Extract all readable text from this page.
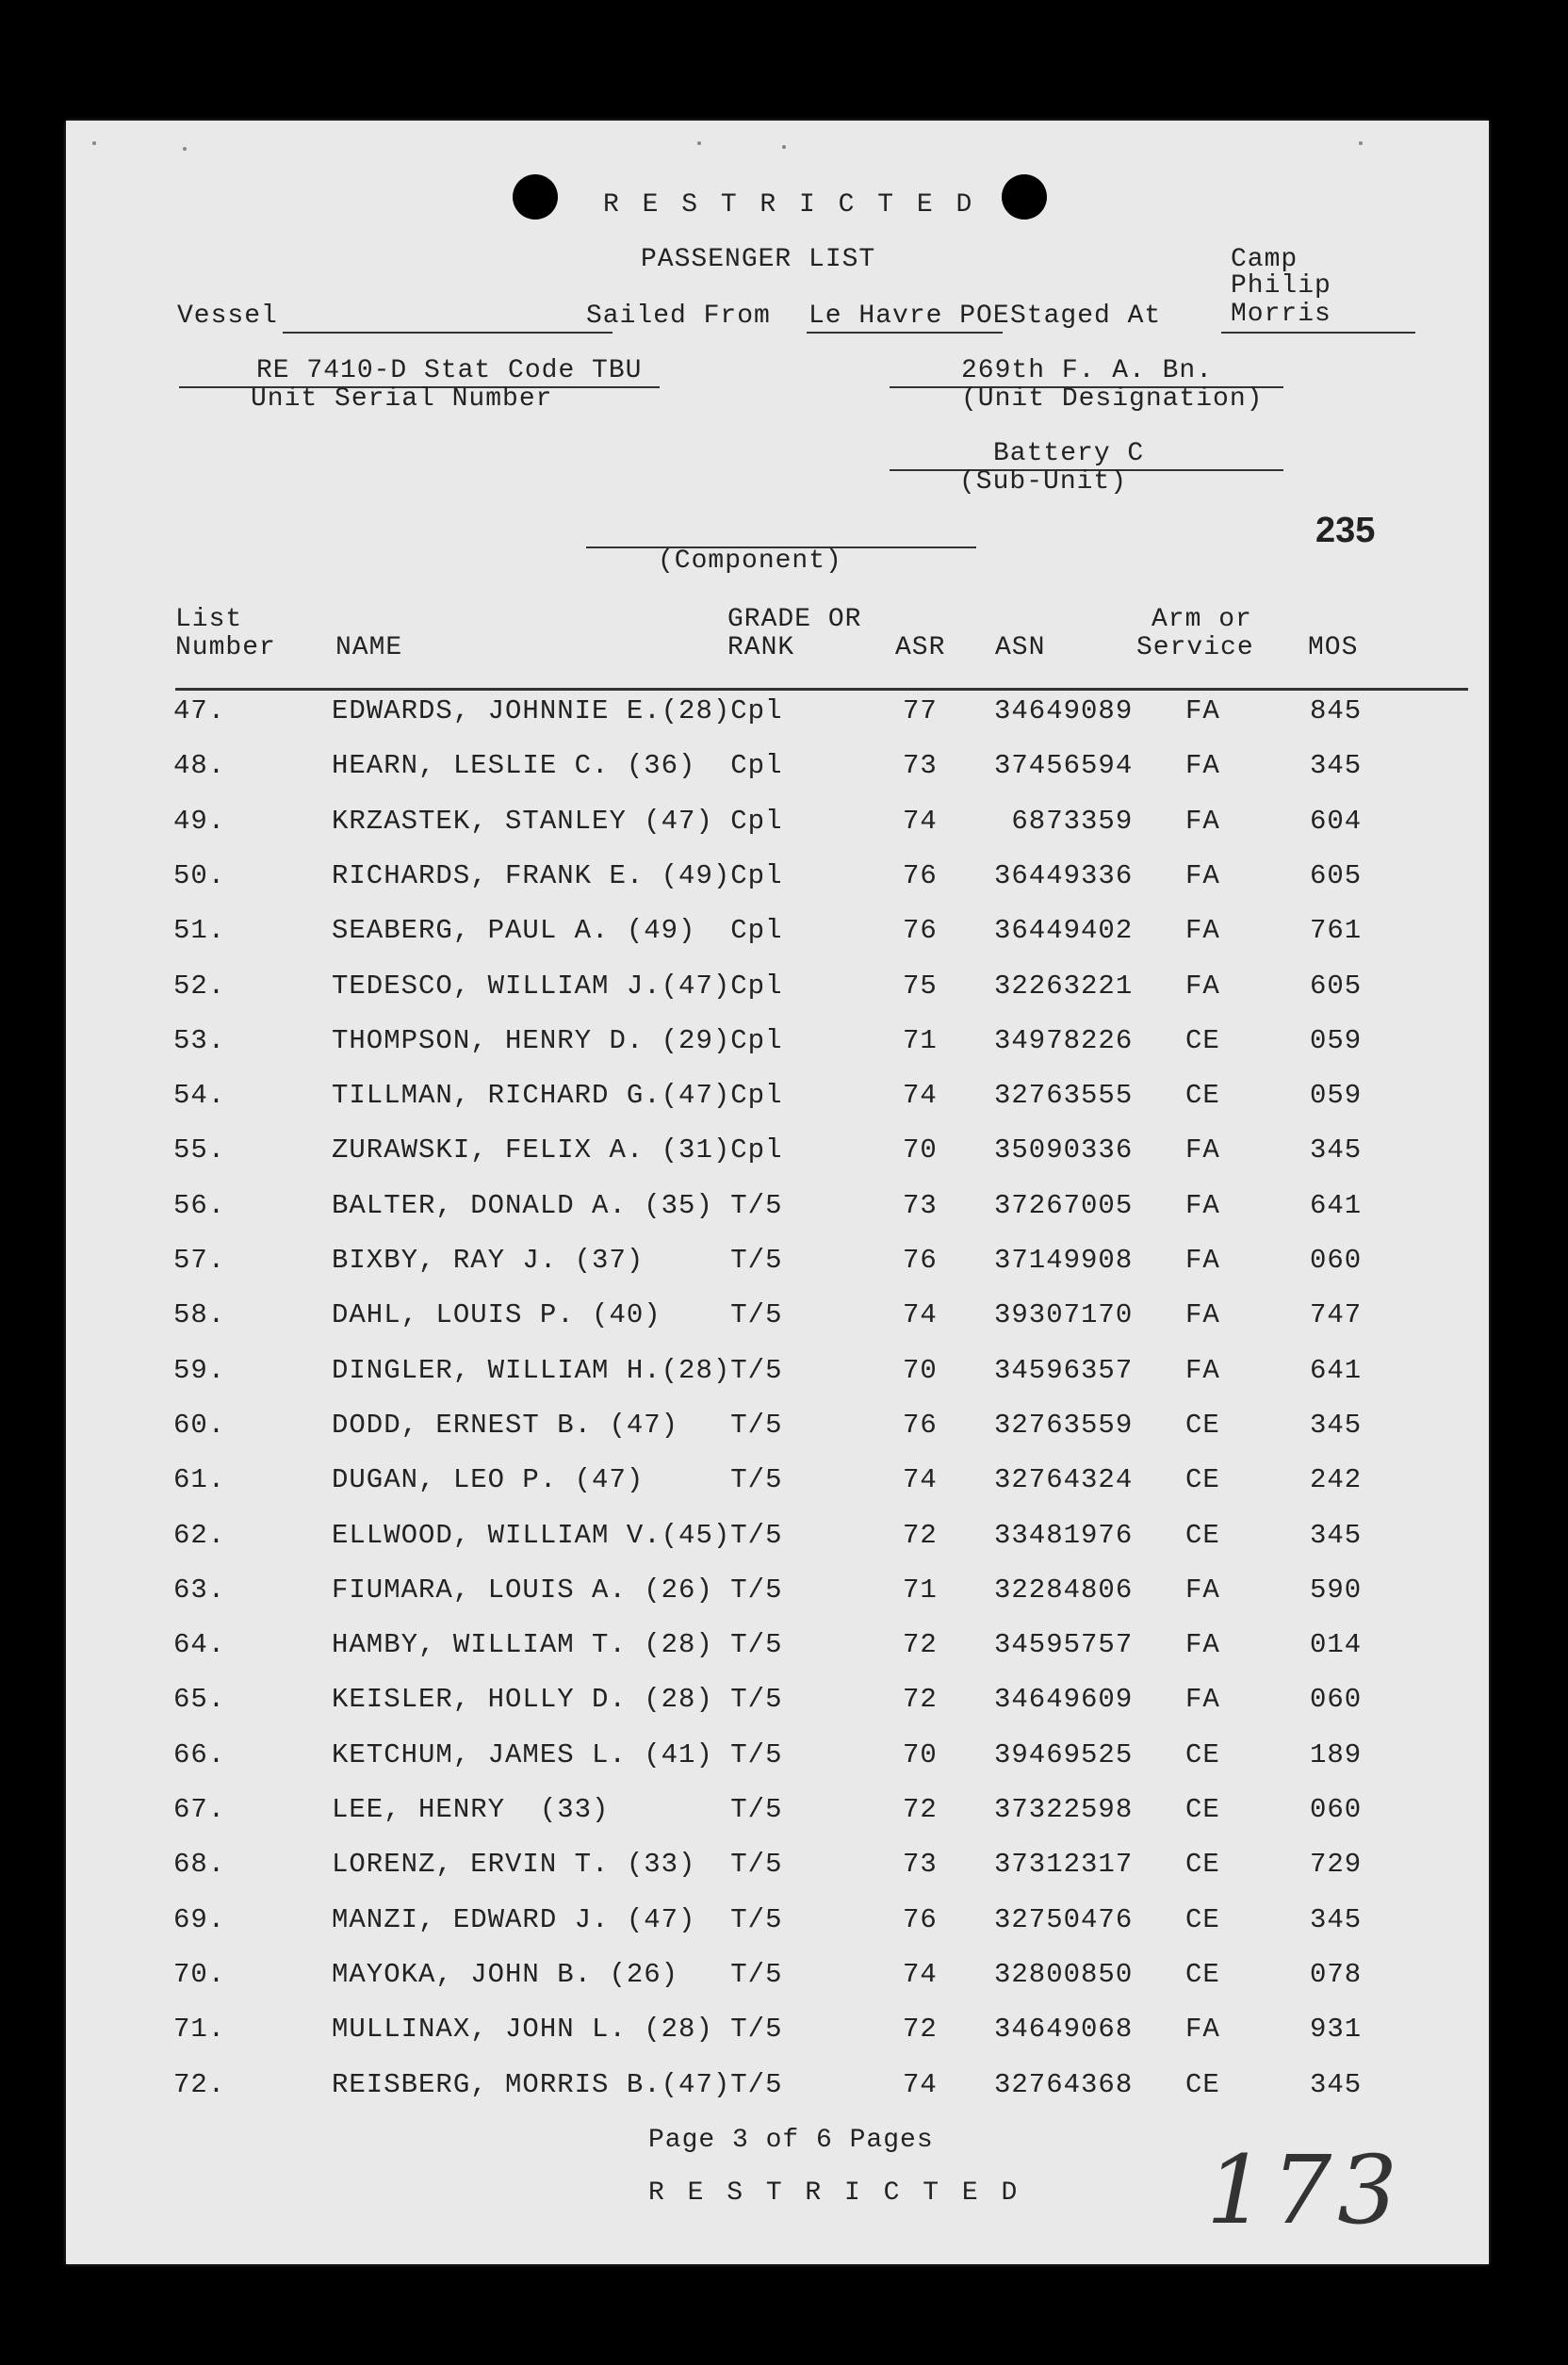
R E S T R I C T E D
PASSENGER LIST
Vessel	Sailed From Le Havre POE Staged At
Camp
Philip
Morris
RE 7410-D Stat Code TBU
Unit Serial Number
269th F. A. Bn.
(Unit Designation)
Battery C
(Sub-Unit)
(Component)
235
List
Number NAME
GRADE OR
RANK	ASR ASN
Arm or
Service MOS
47.	EDWARDS, JOHNNIE E.(28)Cpl	77 34649089 FA	845
48.	HEARN, LESLIE C. (36)  Cpl	73 37456594 FA	345
49.	KRZASTEK, STANLEY (47) Cpl	74 6873359 FA	604
50.	RICHARDS, FRANK E. (49)Cpl	76 36449336 FA	605
51.	SEABERG, PAUL A. (49)  Cpl	76 36449402 FA	761
52.	TEDESCO, WILLIAM J.(47)Cpl	75 32263221 FA	605
53.	THOMPSON, HENRY D. (29)Cpl	71 34978226 CE	059
54.	TILLMAN, RICHARD G.(47)Cpl	74 32763555 CE	059
55.	ZURAWSKI, FELIX A. (31)Cpl	70 35090336 FA	345
56.	BALTER, DONALD A. (35) T/5	73 37267005 FA	641
57.	BIXBY, RAY J. (37)     T/5	76 37149908 FA	060
58.	DAHL, LOUIS P. (40)    T/5	74 39307170 FA	747
59.	DINGLER, WILLIAM H.(28)T/5	70 34596357 FA	641
60.	DODD, ERNEST B. (47)   T/5	76 32763559 CE	345
61.	DUGAN, LEO P. (47)     T/5	74 32764324 CE	242
62.	ELLWOOD, WILLIAM V.(45)T/5	72 33481976 CE	345
63.	FIUMARA, LOUIS A. (26) T/5	71 32284806 FA	590
64.	HAMBY, WILLIAM T. (28) T/5	72 34595757 FA	014
65.	KEISLER, HOLLY D. (28) T/5	72 34649609 FA	060
66.	KETCHUM, JAMES L. (41) T/5	70 39469525 CE	189
67.	LEE, HENRY  (33)       T/5	72 37322598 CE	060
68.	LORENZ, ERVIN T. (33)  T/5	73 37312317 CE	729
69.	MANZI, EDWARD J. (47)  T/5	76 32750476 CE	345
70.	MAYOKA, JOHN B. (26)   T/5	74 32800850 CE	078
71.	MULLINAX, JOHN L. (28) T/5	72 34649068 FA	931
72.	REISBERG, MORRIS B.(47)T/5	74 32764368 CE	345
Page 3 of 6 Pages
R E S T R I C T E D 173
